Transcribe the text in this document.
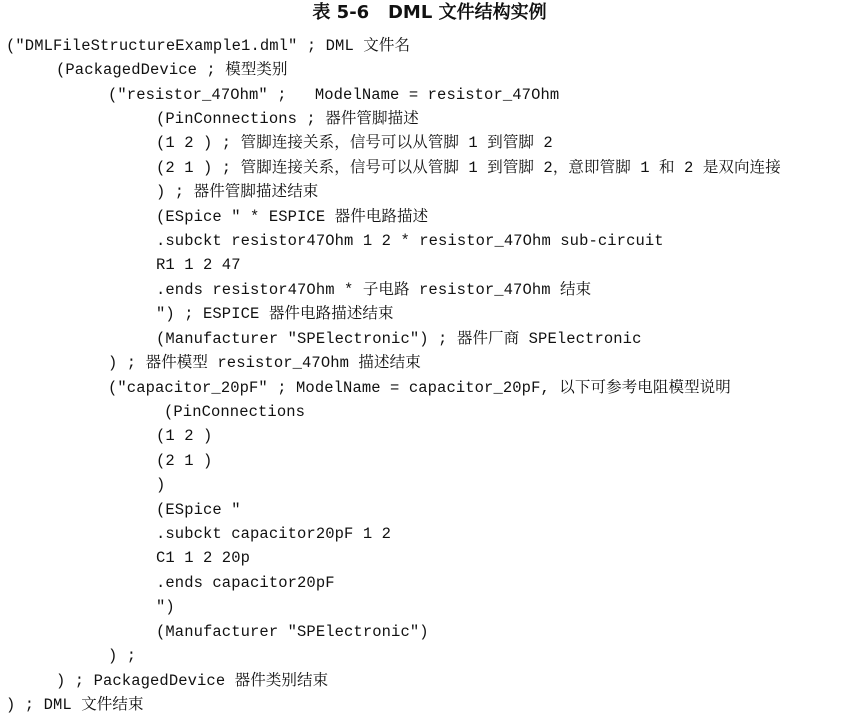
表 5-6   DML 文件结构实例
("DMLFileStructureExample1.dml" ; DML 文件名
(PackagedDevice ; 模型类别
("resistor_47Ohm" ;   ModelName = resistor_47Ohm
(PinConnections ; 器件管脚描述
(1 2 ) ; 管脚连接关系，信号可以从管脚 1 到管脚 2
(2 1 ) ; 管脚连接关系，信号可以从管脚 1 到管脚 2，意即管脚 1 和 2 是双向连接
) ; 器件管脚描述结束
(ESpice " * ESPICE 器件电路描述
.subckt resistor47Ohm 1 2 * resistor_47Ohm sub-circuit
R1 1 2 47
.ends resistor47Ohm * 子电路 resistor_47Ohm 结束
") ; ESPICE 器件电路描述结束
(Manufacturer "SPElectronic") ; 器件厂商 SPElectronic
) ; 器件模型 resistor_47Ohm 描述结束
("capacitor_20pF" ; ModelName = capacitor_20pF, 以下可参考电阻模型说明
(PinConnections
(1 2 )
(2 1 )
)
(ESpice "
.subckt capacitor20pF 1 2
C1 1 2 20p
.ends capacitor20pF
")
(Manufacturer "SPElectronic")
) ;
) ; PackagedDevice 器件类别结束
) ; DML 文件结束
